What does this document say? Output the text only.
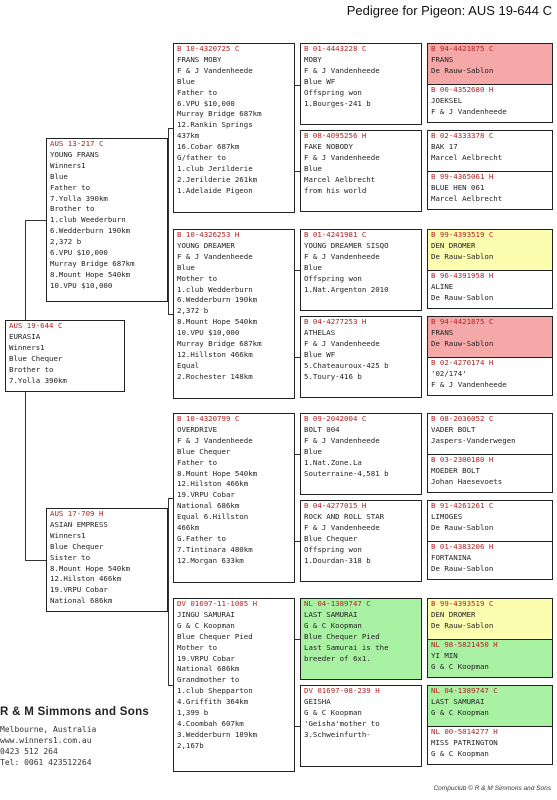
Pedigree for Pigeon: AUS 19-644 C
AUS 19-644 C
EURASIA
Winners1
Blue Chequer
Brother to
7.Yolla 390km
AUS 13-217 C
YOUNG FRANS
Winners1
Blue
Father to
7.Yolla 390km
Brother to
1.club Weederburn
6.Wedderburn 190km
2,372 b
6.VPU $10,000
Murray Bridge 687km
8.Mount Hope 540km
10.VPU $10,000
AUS 17-709 H
ASIAN EMPRESS
Winners1
Blue Chequer
Sister to
8.Mount Hope 540km
12.Hilston 466km
19.VRPU Cobar
National 686km
B 10-4320725 C
FRANS MOBY
F & J Vandenheede
Blue
Father to
6.VPU $10,000
Murray Bridge 687km
12.Rankin Springs
437km
16.Cobar 687km
G/father to
1.club Jerilderie
2.Jerilderie 261km
1.Adelaide Pigeon
B 10-4326253 H
YOUNG DREAMER
F & J Vandenheede
Blue
Mother to
1.club Wedderburn
6.Wedderburn 190km
2,372 b
8.Mount Hope 540km
10.VPU $10,000
Murray Bridge 687km
12.Hillston 466km
Equal
2.Rochester 148km
B 10-4320799 C
OVERDRIVE
F & J Vandenheede
Blue Chequer
Father to
8.Mount Hope 540km
12.Hilston 466km
19.VRPU Cobar
National 686km
Equal 6.Hillston
466km
G.Father to
7.Tintinara 480km
12.Morgan 633km
DV 01697-11-1005 H
JINGU SAMURAI
G & C Koopman
Blue Chequer Pied
Mother to
19.VRPU Cobar
National 686km
Grandmother to
1.club Shepparton
4.Griffith 364km
1,399 b
4.Coombah 607km
3.Wedderburn 189km
2,167b
B 01-4443228 C
MOBY
F & J Vandenheede
Blue WF
Offspring won
1.Bourges-241 b
B 08-4095256 H
FAKE NOBODY
F & J Vandenheede
Blue
Marcel Aelbrecht
from his world
B 01-4241981 C
YOUNG DREAMER SISQO
F & J Vandenheede
Blue
Offspring won
1.Nat.Argenton 2010
B 04-4277253 H
ATHELAS
F & J Vandenheede
Blue WF
5.Chateauroux-425 b
5.Toury-416 b
B 09-2042004 C
BOLT 004
F & J Vandenheede
Blue
1.Nat.Zone.La
Souterraine-4,581 b
B 04-4277015 H
ROCK AND ROLL STAR
F & J Vandenheede
Blue Chequer
Offspring won
1.Dourdan-318 b
NL 04-1389747 C
LAST SAMURAI
G & C Koopman
Blue Chequer Pied
Last Samurai is the
breeder of 6x1.
DV 01697-08-239 H
GEISHA
G & C Koopman
'Geisha'mother to
3.Schweinfurth-
B 94-4421875 C
FRANS
De Rauw-Sablon
B 00-4352680 H
JOEKSEL
F & J Vandenheede
B 02-4333378 C
BAK 17
Marcel Aelbrecht
B 99-4365061 H
BLUE HEN 061
Marcel Aelbrecht
B 99-4393519 C
DEN DROMER
De Rauw-Sablon
B 96-4391958 H
ALINE
De Rauw-Sablon
B 94-4421875 C
FRANS
De Rauw-Sablon
B 02-4270174 H
'02/174'
F & J Vandenheede
B 08-2036052 C
VADER BOLT
Jaspers-Vanderwegen
B 03-2300180 H
MOEDER BOLT
Johan Haesevoets
B 91-4261261 C
LIMOGES
De Rauw-Sablon
B 01-4383206 H
FORTANINA
De Rauw-Sablon
B 99-4393519 C
DEN DROMER
De Rauw-Sablon
NL 98-5821450 H
YI MIN
G & C Koopman
NL 04-1389747 C
LAST SAMURAI
G & C Koopman
NL 00-5014277 H
MISS PATRINGTON
G & C Koopman
R & M Simmons and Sons
Melbourne, Australia
www.winners1.com.au
0423 512 264
Tel: 0061 423512264
Compuclub © R & M Simmons and Sons
